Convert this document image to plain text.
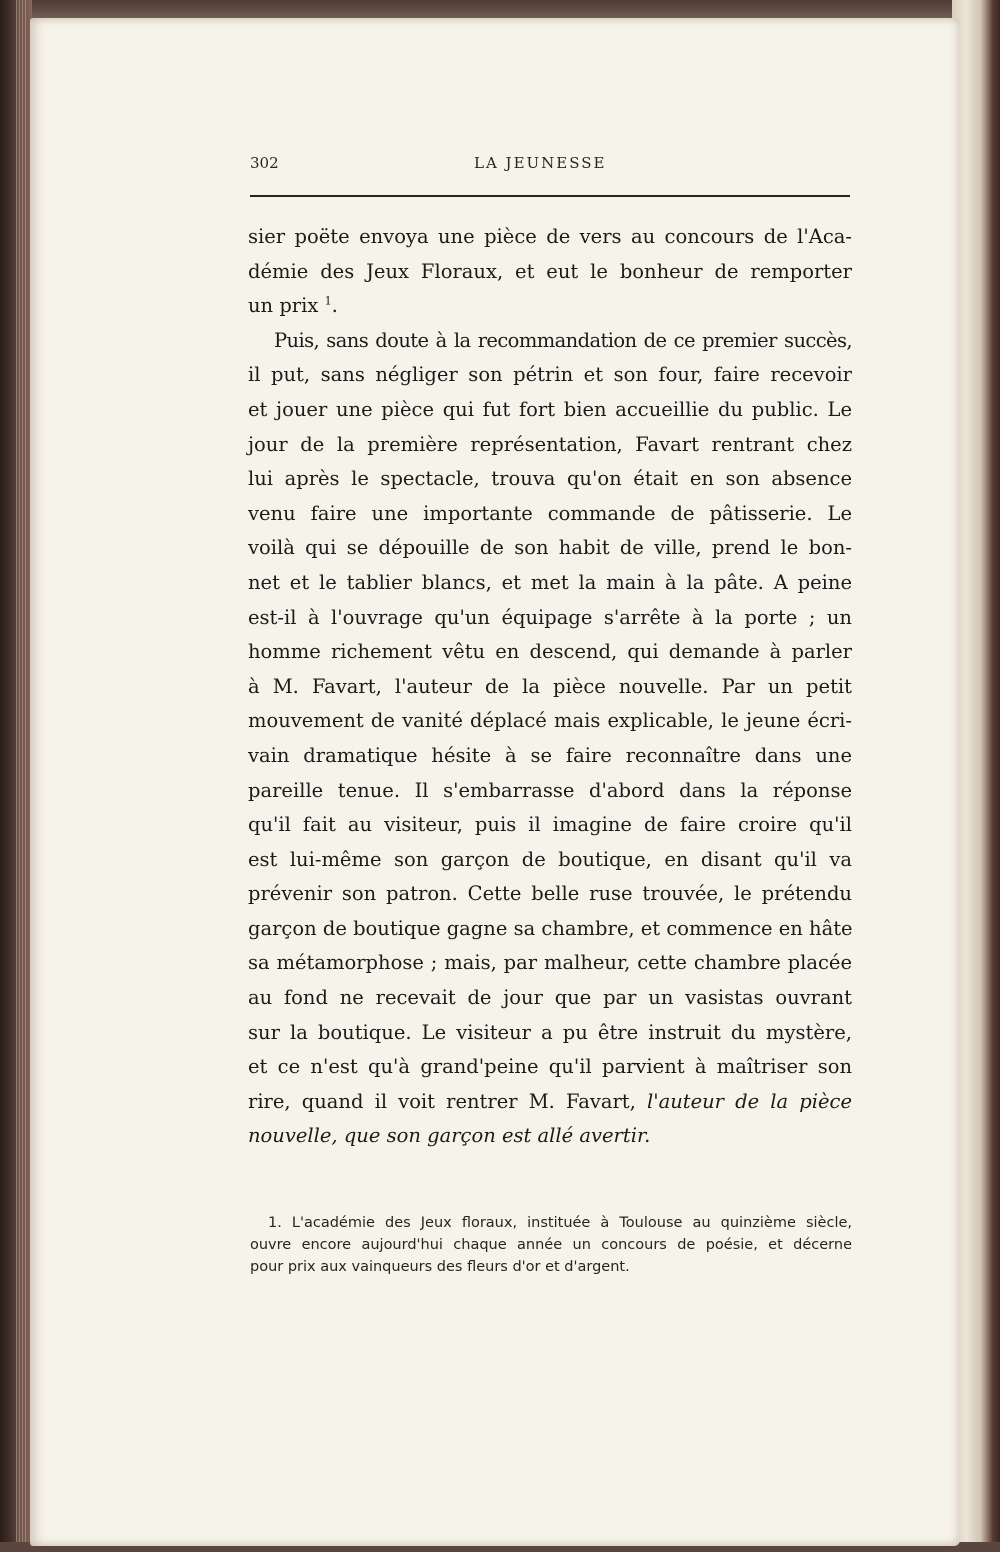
302	LA JEUNESSE
sier poëte envoya une pièce de vers au concours de l'Aca-
démie des Jeux Floraux, et eut le bonheur de remporter
un prix $^1$.
Puis, sans doute à la recommandation de ce premier succès,
il put, sans négliger son pétrin et son four, faire recevoir
et jouer une pièce qui fut fort bien accueillie du public. Le
jour de la première représentation, Favart rentrant chez
lui après le spectacle, trouva qu'on était en son absence
venu faire une importante commande de pâtisserie. Le
voilà qui se dépouille de son habit de ville, prend le bon-
net et le tablier blancs, et met la main à la pâte. A peine
est-il à l'ouvrage qu'un équipage s'arrête à la porte ; un
homme richement vêtu en descend, qui demande à parler
à M. Favart, l'auteur de la pièce nouvelle. Par un petit
mouvement de vanité déplacé mais explicable, le jeune écri-
vain dramatique hésite à se faire reconnaître dans une
pareille tenue. Il s'embarrasse d'abord dans la réponse
qu'il fait au visiteur, puis il imagine de faire croire qu'il
est lui-même son garçon de boutique, en disant qu'il va
prévenir son patron. Cette belle ruse trouvée, le prétendu
garçon de boutique gagne sa chambre, et commence en hâte
sa métamorphose ; mais, par malheur, cette chambre placée
au fond ne recevait de jour que par un vasistas ouvrant
sur la boutique. Le visiteur a pu être instruit du mystère,
et ce n'est qu'à grand'peine qu'il parvient à maîtriser son
rire, quand il voit rentrer M. Favart, l'auteur de la pièce
nouvelle, que son garçon est allé avertir.
1. L'académie des Jeux floraux, instituée à Toulouse au quinzième siècle,
ouvre encore aujourd'hui chaque année un concours de poésie, et décerne
pour prix aux vainqueurs des fleurs d'or et d'argent.
